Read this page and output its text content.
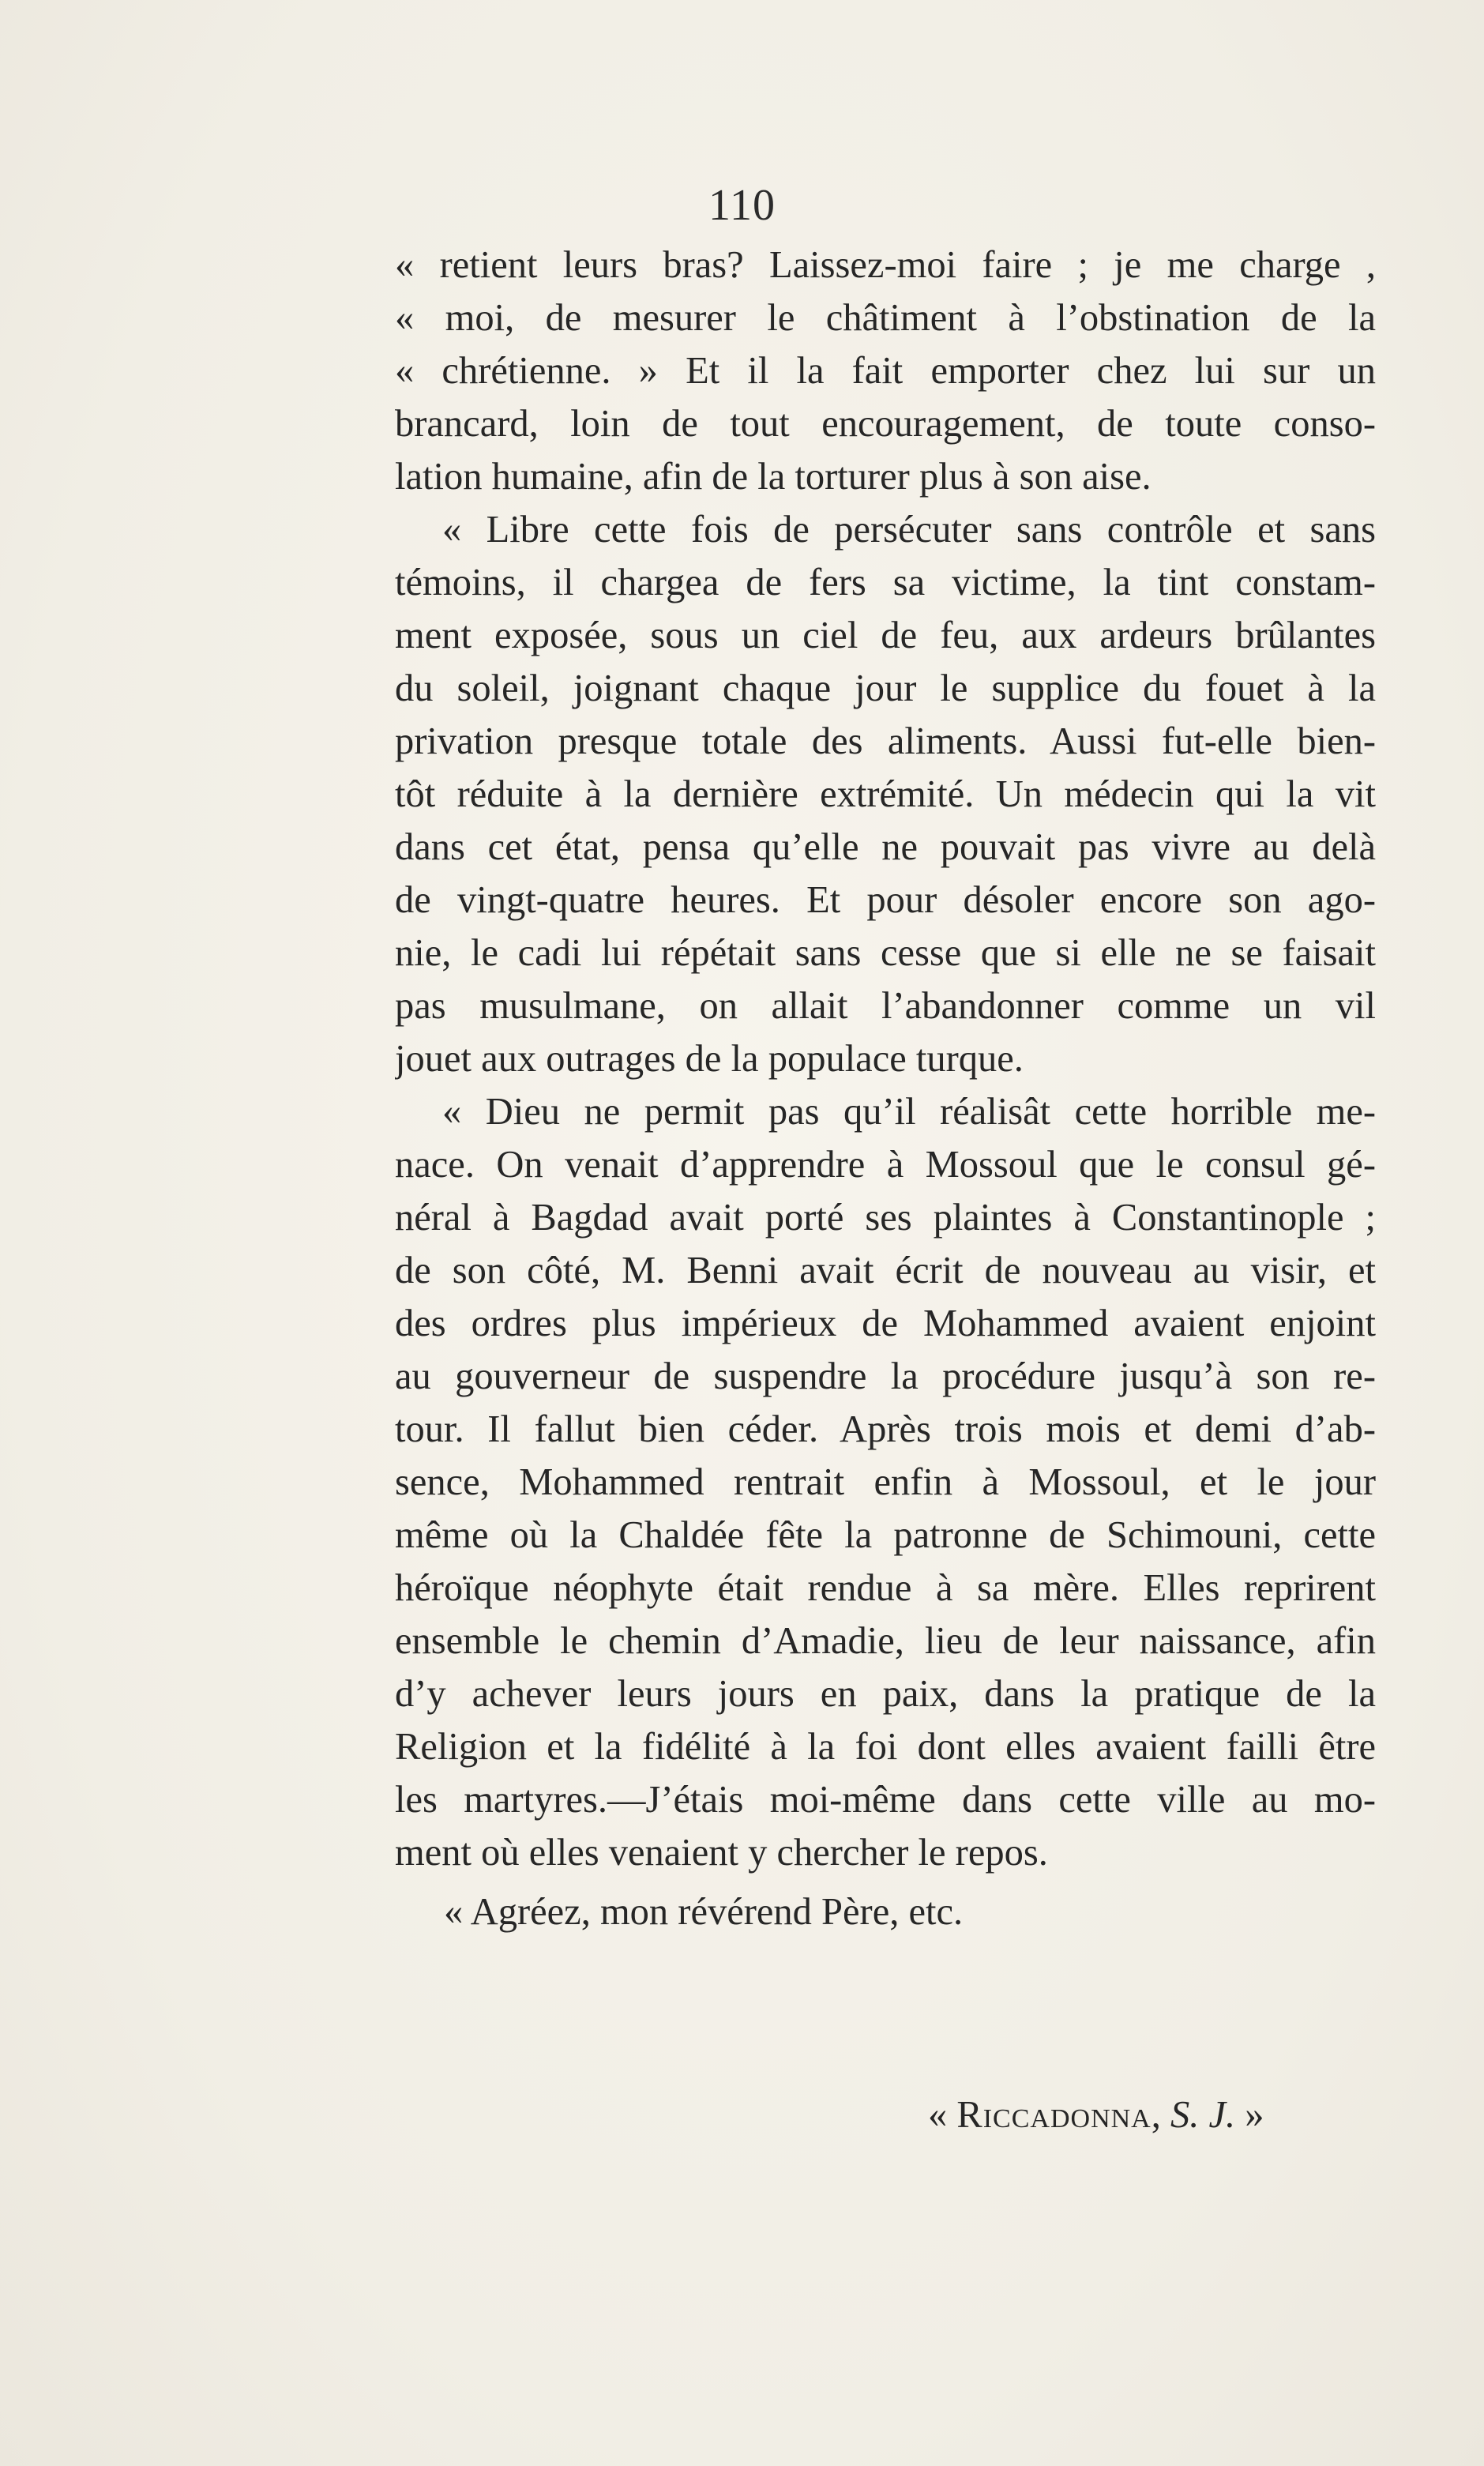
110
« retient leurs bras? Laissez-moi faire ; je me charge ,
« moi, de mesurer le châtiment à l’obstination de la
« chrétienne. » Et il la fait emporter chez lui sur un
brancard, loin de tout encouragement, de toute conso-
lation humaine, afin de la torturer plus à son aise.
« Libre cette fois de persécuter sans contrôle et sans
témoins, il chargea de fers sa victime, la tint constam-
ment exposée, sous un ciel de feu, aux ardeurs brûlantes
du soleil, joignant chaque jour le supplice du fouet à la
privation presque totale des aliments. Aussi fut-elle bien-
tôt réduite à la dernière extrémité. Un médecin qui la vit
dans cet état, pensa qu’elle ne pouvait pas vivre au delà
de vingt-quatre heures. Et pour désoler encore son ago-
nie, le cadi lui répétait sans cesse que si elle ne se faisait
pas musulmane, on allait l’abandonner comme un vil
jouet aux outrages de la populace turque.
« Dieu ne permit pas qu’il réalisât cette horrible me-
nace. On venait d’apprendre à Mossoul que le consul gé-
néral à Bagdad avait porté ses plaintes à Constantinople ;
de son côté, M. Benni avait écrit de nouveau au visir, et
des ordres plus impérieux de Mohammed avaient enjoint
au gouverneur de suspendre la procédure jusqu’à son re-
tour. Il fallut bien céder. Après trois mois et demi d’ab-
sence, Mohammed rentrait enfin à Mossoul, et le jour
même où la Chaldée fête la patronne de Schimouni, cette
héroïque néophyte était rendue à sa mère. Elles reprirent
ensemble le chemin d’Amadie, lieu de leur naissance, afin
d’y achever leurs jours en paix, dans la pratique de la
Religion et la fidélité à la foi dont elles avaient failli être
les martyres.—J’étais moi-même dans cette ville au mo-
ment où elles venaient y chercher le repos.
« Agréez, mon révérend Père, etc.
« Riccadonna, S. J. »
